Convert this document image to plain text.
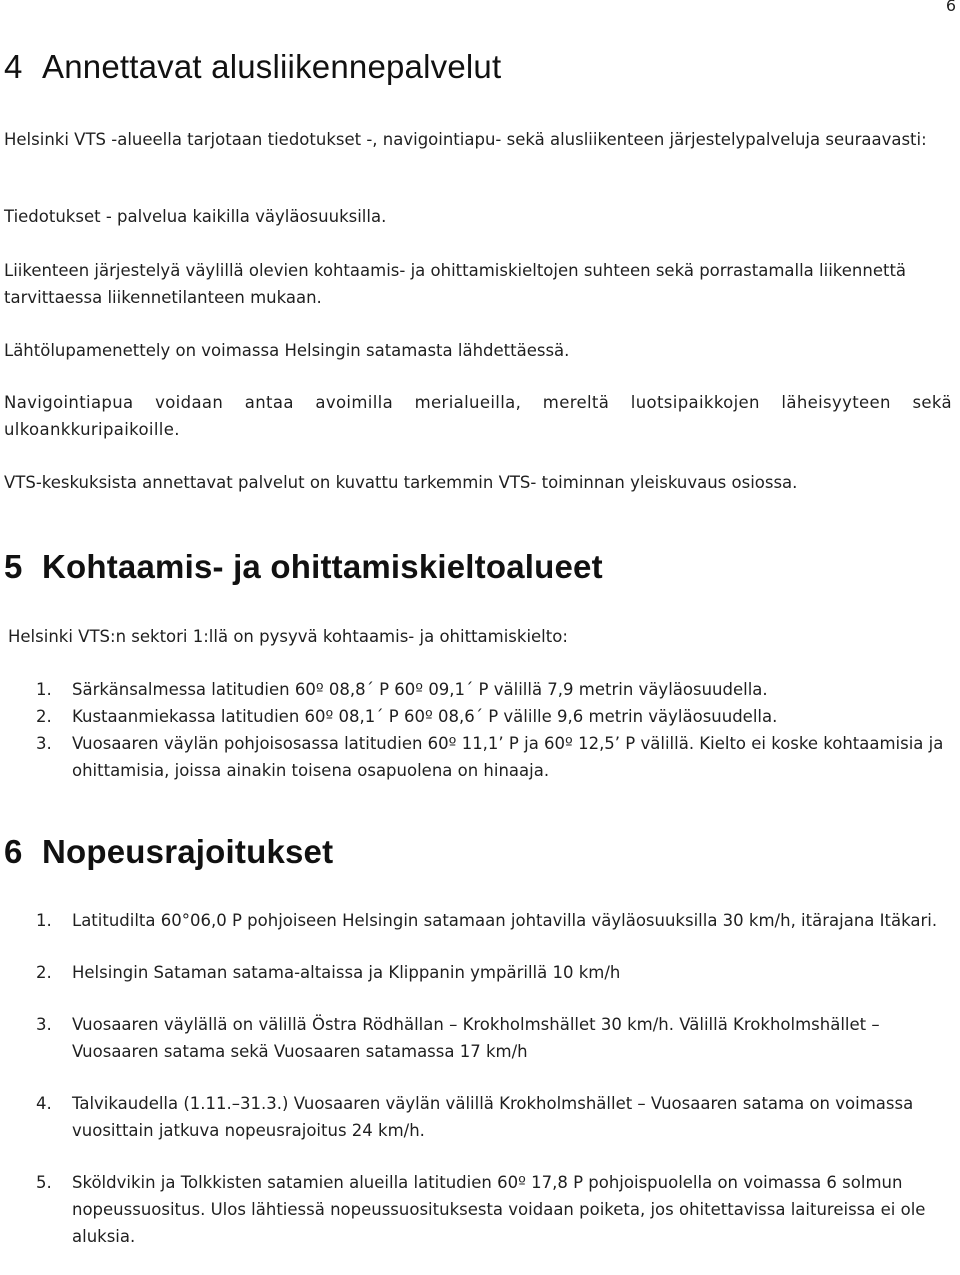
6
4 Annettavat alusliikennepalvelut

Helsinki VTS -alueella tarjotaan tiedotukset -, navigointiapu- sekä alusliikenteen järjestelypalveluja seuraavasti:

Tiedotukset - palvelua kaikilla väyläosuuksilla.

Liikenteen järjestelyä väylillä olevien kohtaamis- ja ohittamiskieltojen suhteen sekä porrastamalla liikennettä tarvittaessa liikennetilanteen mukaan.

Lähtölupamenettely on voimassa Helsingin satamasta lähdettäessä.

Navigointiapua voidaan antaa avoimilla merialueilla, mereltä luotsipaikkojen läheisyyteen sekä ulkoankkuripaikoille.

VTS-keskuksista annettavat palvelut on kuvattu tarkemmin VTS- toiminnan yleiskuvaus osiossa.

5 Kohtaamis- ja ohittamiskieltoalueet

Helsinki VTS:n sektori 1:llä on pysyvä kohtaamis- ja ohittamiskielto:

1.	Särkänsalmessa latitudien 60º 08,8´ P 60º 09,1´ P välillä 7,9 metrin väyläosuudella.
2.	Kustaanmiekassa latitudien 60º 08,1´ P 60º 08,6´ P välille 9,6 metrin väyläosuudella.
3.	Vuosaaren väylän pohjoisosassa latitudien 60º 11,1’ P ja 60º 12,5’ P välillä. Kielto ei koske kohtaamisia ja ohittamisia, joissa ainakin toisena osapuolena on hinaaja.
6 Nopeusrajoitukset
1.	Latitudilta 60°06,0 P pohjoiseen Helsingin satamaan johtavilla väyläosuuksilla 30 km/h, itärajana Itäkari.
2.	Helsingin Sataman satama-altaissa ja Klippanin ympärillä 10 km/h
3.	Vuosaaren väylällä on välillä Östra Rödhällan – Krokholmshället 30 km/h. Välillä Krokholmshället – Vuosaaren satama sekä Vuosaaren satamassa 17 km/h
4.	Talvikaudella (1.11.–31.3.) Vuosaaren väylän välillä Krokholmshället – Vuosaaren satama on voimassa vuosittain jatkuva nopeusrajoitus 24 km/h.
5.	Sköldvikin ja Tolkkisten satamien alueilla latitudien 60º 17,8 P pohjoispuolella on voimassa 6 solmun nopeussuositus. Ulos lähtiessä nopeussuosituksesta voidaan poiketa, jos ohitettavissa laitureissa ei ole aluksia.
